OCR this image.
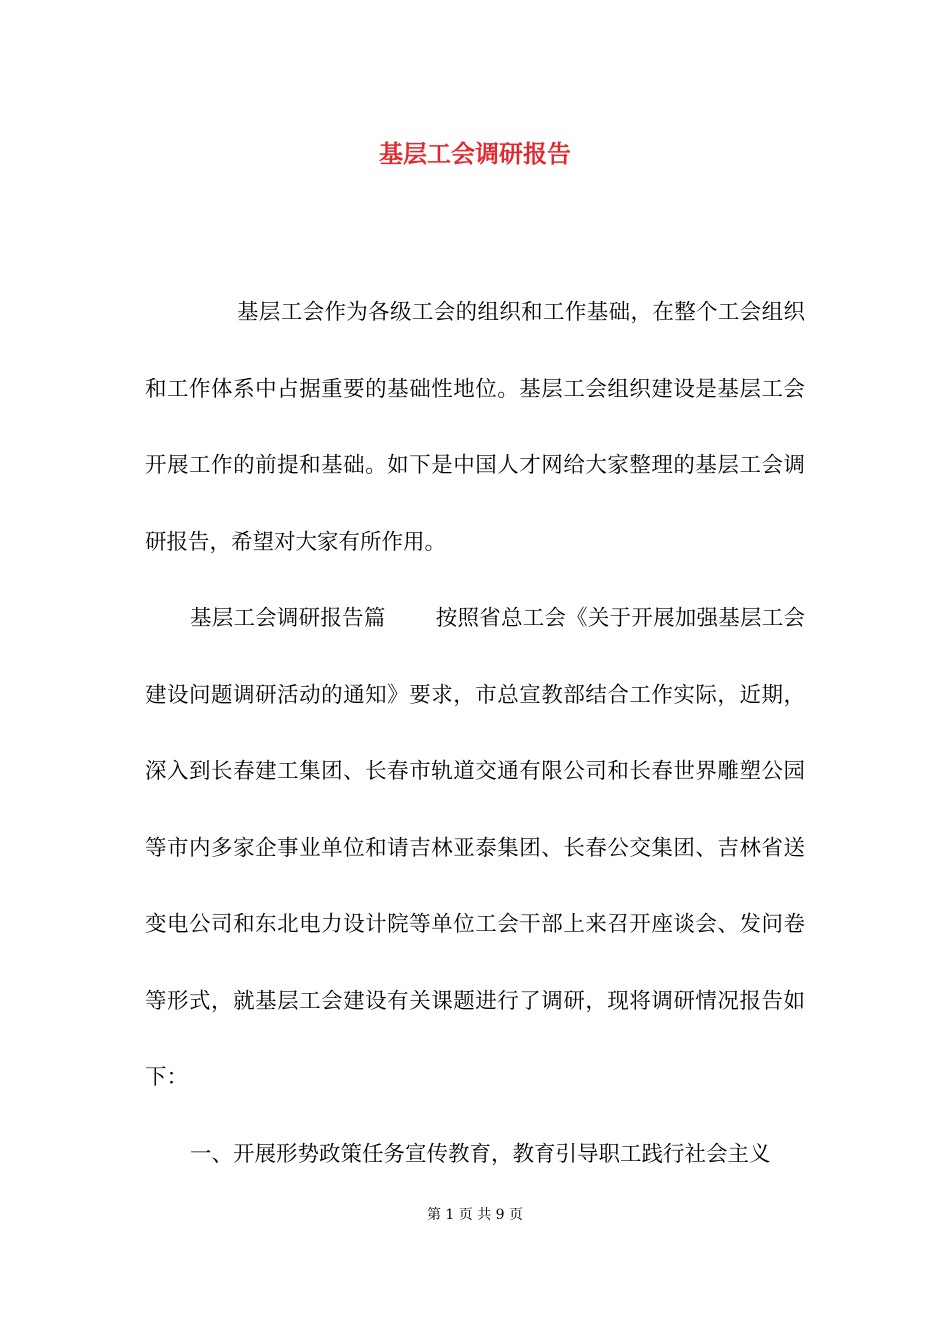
基层工会调研报告

基层工会作为各级工会的组织和工作基础，在整个工会组织和工作体系中占据重要的基础性地位。基层工会组织建设是基层工会开展工作的前提和基础。如下是中国人才网给大家整理的基层工会调研报告，希望对大家有所作用。

基层工会调研报告篇 按照省总工会《关于开展加强基层工会建设问题调研活动的通知》要求，市总宣教部结合工作实际，近期，深入到长春建工集团、长春市轨道交通有限公司和长春世界雕塑公园等市内多家企事业单位和请吉林亚泰集团、长春公交集团、吉林省送变电公司和东北电力设计院等单位工会干部上来召开座谈会、发问卷等形式，就基层工会建设有关课题进行了调研，现将调研情况报告如下：

一、开展形势政策任务宣传教育，教育引导职工践行社会主义

第 1 页 共 9 页
